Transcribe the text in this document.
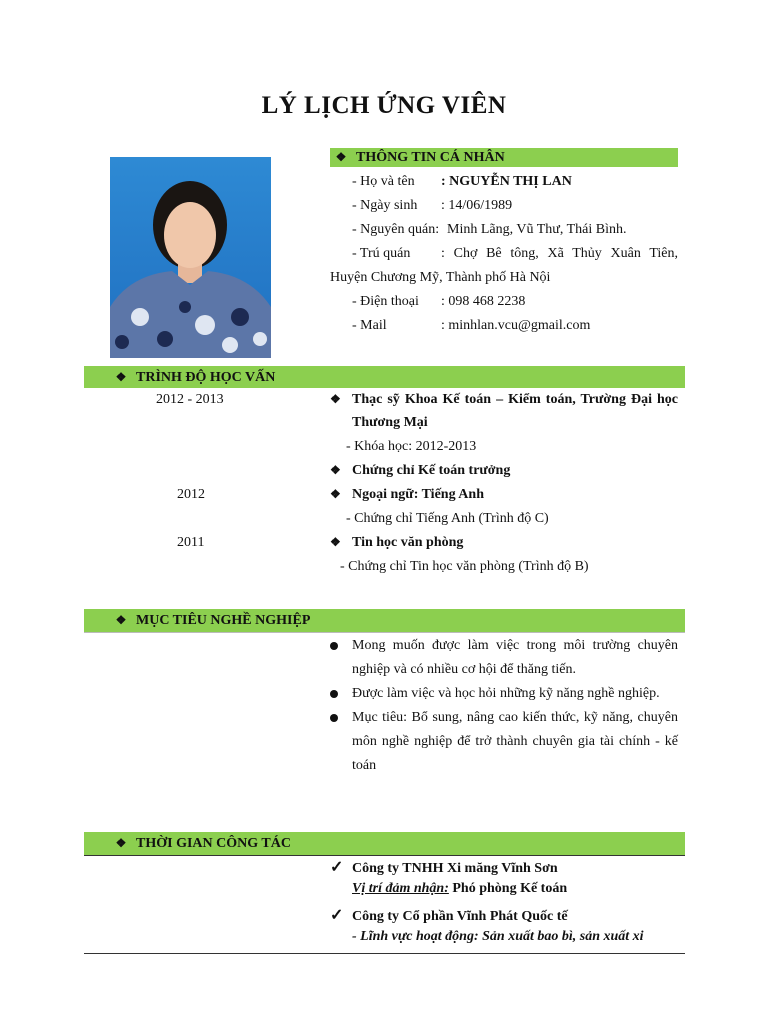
LÝ LỊCH ỨNG VIÊN
❖ THÔNG TIN CÁ NHÂN
- Họ và tên : NGUYỄN THỊ LAN
- Ngày sinh : 14/06/1989
- Nguyên quán: Minh Lãng, Vũ Thư, Thái Bình.
- Trú quán : Chợ Bê tông, Xã Thủy Xuân Tiên,
Huyện Chương Mỹ, Thành phố Hà Nội
- Điện thoại : 098 468 2238
- Mail	: minhlan.vcu@gmail.com
❖ TRÌNH ĐỘ HỌC VẤN
2012 - 2013	❖ Thạc sỹ Khoa Kế toán – Kiểm toán, Trường Đại học
Thương Mại
- Khóa học: 2012-2013
❖ Chứng chỉ Kế toán trưởng
2012	❖ Ngoại ngữ: Tiếng Anh
- Chứng chỉ Tiếng Anh (Trình độ C)
2011	❖ Tin học văn phòng
- Chứng chỉ Tin học văn phòng (Trình độ B)
❖ MỤC TIÊU NGHỀ NGHIỆP
Mong muốn được làm việc trong môi trường chuyên nghiệp và có nhiều cơ hội để thăng tiến.
Được làm việc và học hỏi những kỹ năng nghề nghiệp.
Mục tiêu: Bổ sung, nâng cao kiến thức, kỹ năng, chuyên môn nghề nghiệp để trở thành chuyên gia tài chính - kế toán
❖ THỜI GIAN CÔNG TÁC
✓ Công ty TNHH Xi măng Vĩnh Sơn
Vị trí đảm nhận: Phó phòng Kế toán
✓ Công ty Cổ phần Vĩnh Phát Quốc tế
- Lĩnh vực hoạt động: Sản xuất bao bì, sản xuất xi
